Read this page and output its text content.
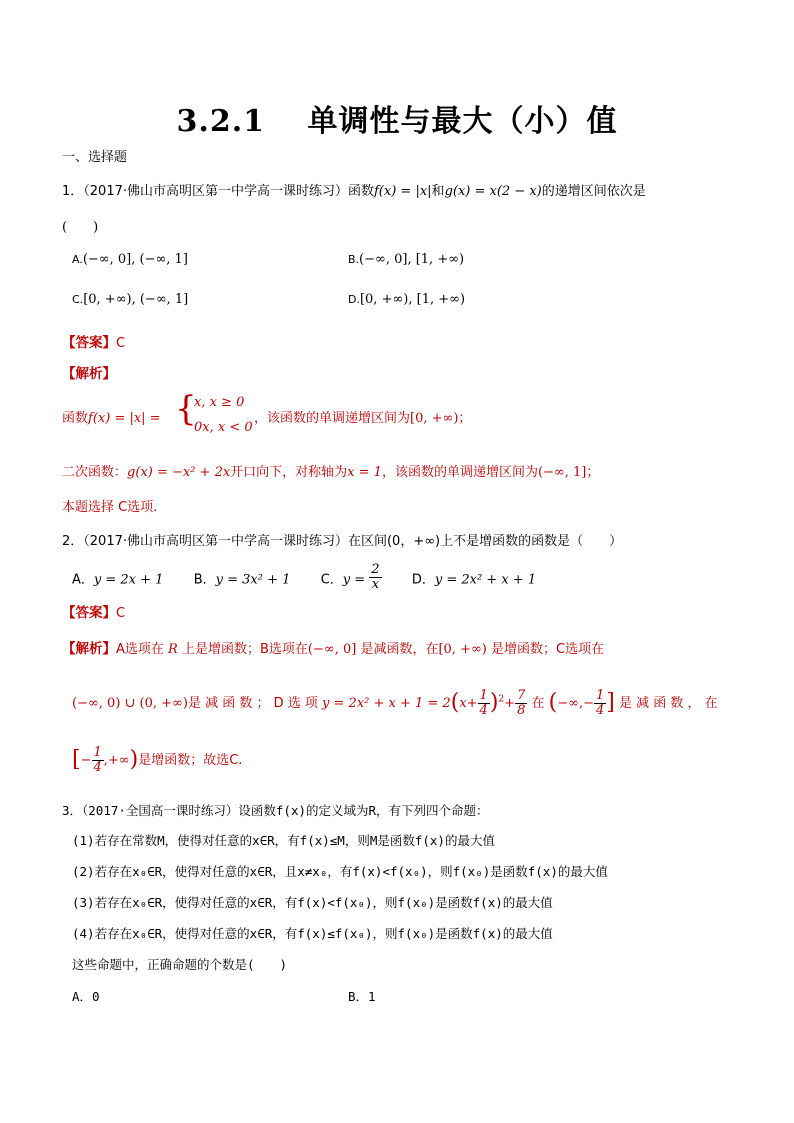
3.2.1　 单调性与最大（小）值
一、选择题
1．（2017·佛山市高明区第一中学高一课时练习）函数f(x) = |x|和g(x) = x(2 − x)的递增区间依次是
(　　)
A.(−∞, 0], (−∞, 1]	B.(−∞, 0], [1, +∞)
C.[0, +∞), (−∞, 1]	D.[0, +∞), [1, +∞)
【答案】C
【解析】
函数f(x) = |x| = {
x, x ≥ 0
0x, x < 0
，该函数的单调递增区间为[0, +∞)；
二次函数：g(x) = −x² + 2x开口向下，对称轴为x = 1，该函数的单调递增区间为(−∞, 1]；
本题选择 C选项.
2．（2017·佛山市高明区第一中学高一课时练习）在区间(0，+∞)上不是增函数的函数是（　　）
A．y = 2x + 1 B．y = 3x² + 1 C．$y = \frac{2}{x}$ D．y = 2x² + x + 1
【答案】C
【解析】A选项在 R 上是增函数；B选项在(−∞, 0] 是减函数，在[0, +∞) 是增函数；C选项在
(−∞, 0) ∪ (0, +∞)是 减 函 数 ； D 选 项 $y = 2x^2 + x + 1 = 2(x+ \frac{1}{4} )^2+ \frac{7}{8}$ 在 (−∞,− $\frac{1}{4}$ ] 是 减 函 数 ， 在
[− $\frac{1}{4}$ ,+∞)是增函数；故选C.
3．（2017·全国高一课时练习）设函数f(x)的定义域为R，有下列四个命题：
(1)若存在常数M，使得对任意的x∈R，有f(x)≤M，则M是函数f(x)的最大值
(2)若存在x₀∈R，使得对任意的x∈R，且x≠x₀，有f(x)<f(x₀)，则f(x₀)是函数f(x)的最大值
(3)若存在x₀∈R，使得对任意的x∈R，有f(x)<f(x₀)，则f(x₀)是函数f(x)的最大值
(4)若存在x₀∈R，使得对任意的x∈R，有f(x)≤f(x₀)，则f(x₀)是函数f(x)的最大值
这些命题中，正确命题的个数是(　　)
A．0	B．1
